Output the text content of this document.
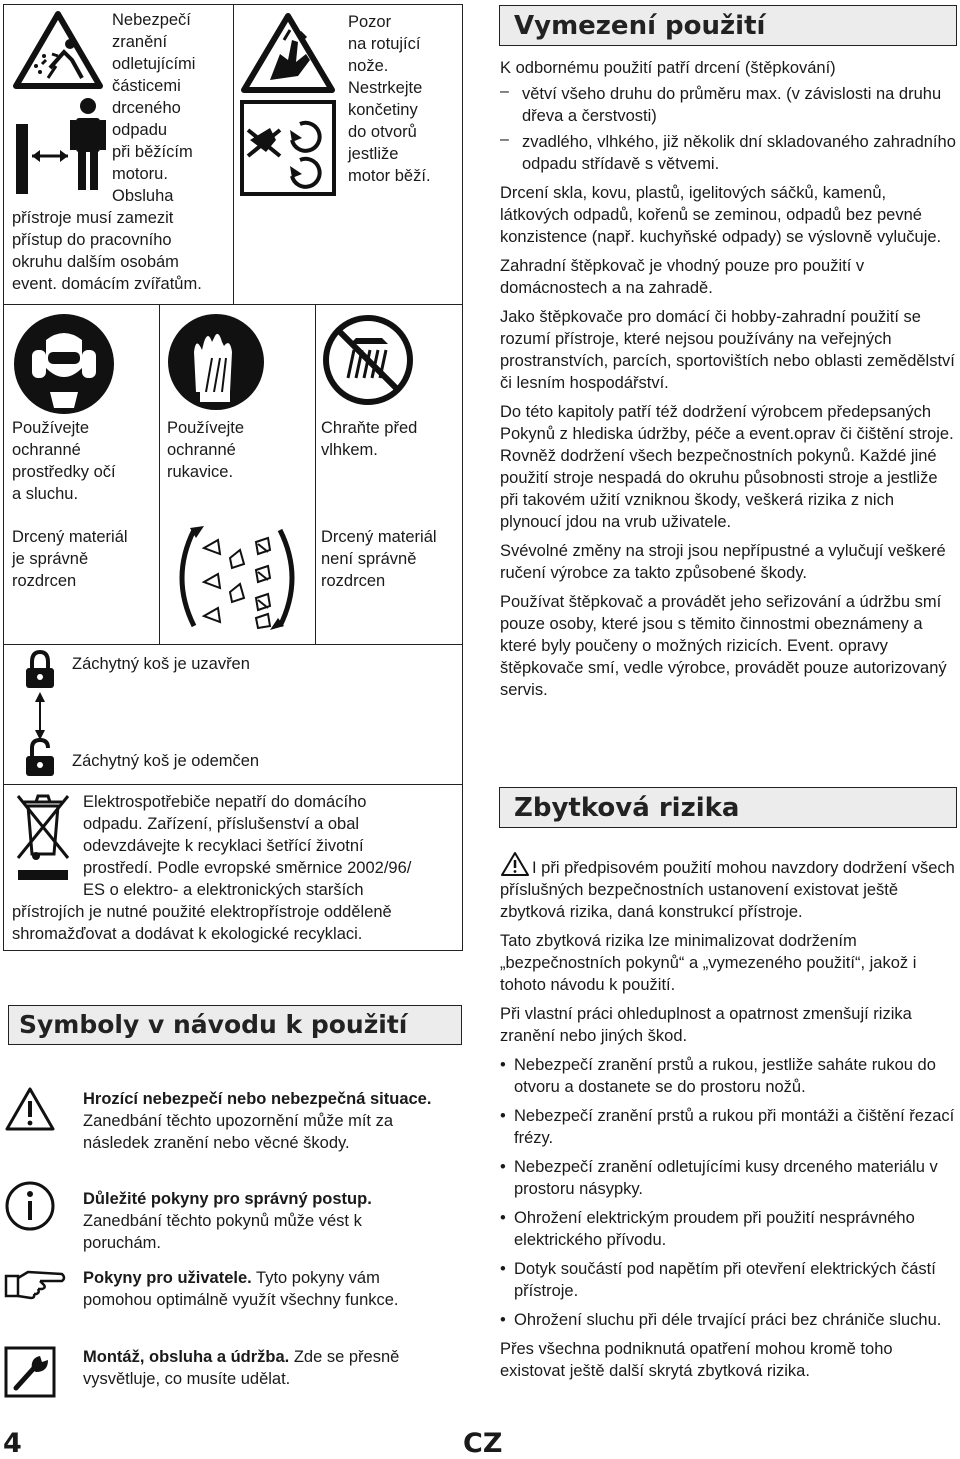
Nebezpečí

zranění

odletujícími

částicemi

drceného

odpadu

při běžícím

motoru.

Obsluha

přístroje musí zamezit

přístup do pracovního

okruhu dalším osobám

event. domácím zvířatům.

Pozor

na rotující

nože.

Nestrkejte

končetiny

do otvorů

jestliže

motor běží.

Používejte

ochranné

prostředky očí

a sluchu.

Používejte

ochranné

rukavice.

Chraňte před

vlhkem.

Drcený materiál

je správně

rozdrcen

Drcený materiál

není správně

rozdrcen

Záchytný koš je uzavřen
Záchytný koš je odemčen

Elektrospotřebiče nepatří do domácího

odpadu. Zařízení, příslušenství a obal

odevzdávejte k recyklaci šetřící životní

prostředí. Podle evropské směrnice 2002/96/

ES o elektro- a elektronických starších

přístrojích je nutné použité elektropřístroje odděleně

shromažďovat a dodávat k ekologické recyklaci.

Symboly v návodu k použití
Hrozící nebezpečí nebo nebezpečná situace. Zanedbání těchto upozornění může mít za následek zranění nebo věcné škody.
Důležité pokyny pro správný postup. Zanedbání těchto pokynů může vést k poruchám.
Pokyny pro uživatele. Tyto pokyny vám pomohou optimálně využít všechny funkce.
Montáž, obsluha a údržba. Zde se přesně vysvětluje, co musíte udělat.
Vymezení použití

K odbornému použití patří drcení (štěpkování)

– větví všeho druhu do průměru max. (v závislosti na druhu dřeva a čerstvosti)
– zvadlého, vlhkého, již několik dní skladovaného zahradního odpadu střídavě s větvemi.

Drcení skla, kovu, plastů, igelitových sáčků, kamenů, látkových odpadů, kořenů se zeminou, odpadů bez pevné konzistence (např. kuchyňské odpady) se výslovně vylučuje.

Zahradní štěpkovač je vhodný pouze pro použití v domácnostech a na zahradě.

Jako štěpkovače pro domácí či hobby-zahradní použití se rozumí přístroje, které nejsou používány na veřejných prostranstvích, parcích, sportovištích nebo oblasti zemědělství či lesním hospodářství.

Do této kapitoly patří též dodržení výrobcem předepsaných Pokynů z hlediska údržby, péče a event.oprav či čištění stroje. Rovněž dodržení všech bezpečnostních pokynů. Každé jiné použití stroje nespadá do okruhu působnosti stroje a jestliže při takovém užití vzniknou škody, veškerá rizika z nich plynoucí jdou na vrub uživatele.

Svévolné změny na stroji jsou nepřípustné a vylučují veškeré ručení výrobce za takto způsobené škody.

Používat štěpkovač a provádět jeho seřizování a údržbu smí pouze osoby, které jsou s těmito činnostmi obeznámeny a které byly poučeny o možných rizicích. Event. opravy štěpkovače smí, vedle výrobce, provádět pouze autorizovaný servis.

Zbytková rizika

I při předpisovém použití mohou navzdory dodržení všech příslušných bezpečnostních ustanovení existovat ještě zbytková rizika, daná konstrukcí přístroje.

Tato zbytková rizika lze minimalizovat dodržením „bezpečnostních pokynů“ a „vymezeného použití“, jakož i tohoto návodu k použití.

Při vlastní práci ohleduplnost a opatrnost zmenšují rizika zranění nebo jiných škod.

• Nebezpečí zranění prstů a rukou, jestliže saháte rukou do otvoru a dostanete se do prostoru nožů.
• Nebezpečí zranění prstů a rukou při montáži a čištění řezací frézy.
• Nebezpečí zranění odletujícími kusy drceného materiálu v prostoru násypky.
• Ohrožení elektrickým proudem při použití nesprávného elektrického přívodu.
• Dotyk součástí pod napětím při otevření elektrických částí přístroje.
• Ohrožení sluchu při déle trvající práci bez chrániče sluchu.

Přes všechna podniknutá opatření mohou kromě toho existovat ještě další skrytá zbytková rizika.

4	CZ
